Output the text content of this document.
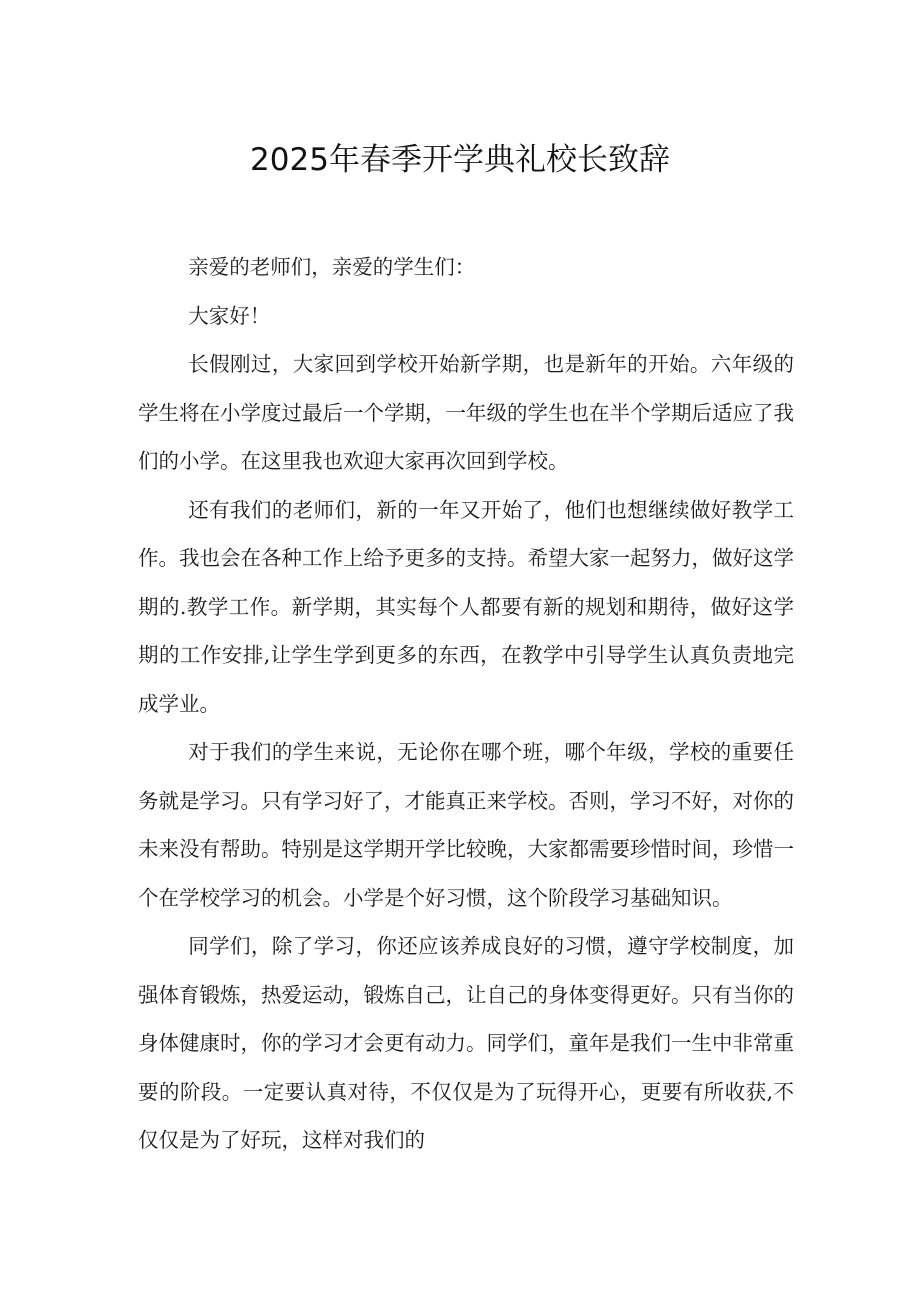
2025年春季开学典礼校长致辞

亲爱的老师们，亲爱的学生们：

大家好！

长假刚过，大家回到学校开始新学期，也是新年的开始。六年级的学生将在小学度过最后一个学期，一年级的学生也在半个学期后适应了我们的小学。在这里我也欢迎大家再次回到学校。

还有我们的老师们，新的一年又开始了，他们也想继续做好教学工作。我也会在各种工作上给予更多的支持。希望大家一起努力，做好这学期的.教学工作。新学期，其实每个人都要有新的规划和期待，做好这学期的工作安排,让学生学到更多的东西，在教学中引导学生认真负责地完成学业。

对于我们的学生来说，无论你在哪个班，哪个年级，学校的重要任务就是学习。只有学习好了，才能真正来学校。否则，学习不好，对你的未来没有帮助。特别是这学期开学比较晚，大家都需要珍惜时间，珍惜一个在学校学习的机会。小学是个好习惯，这个阶段学习基础知识。

同学们，除了学习，你还应该养成良好的习惯，遵守学校制度，加强体育锻炼，热爱运动，锻炼自己，让自己的身体变得更好。只有当你的身体健康时，你的学习才会更有动力。同学们，童年是我们一生中非常重要的阶段。一定要认真对待，不仅仅是为了玩得开心，更要有所收获,不仅仅是为了好玩，这样对我们的
